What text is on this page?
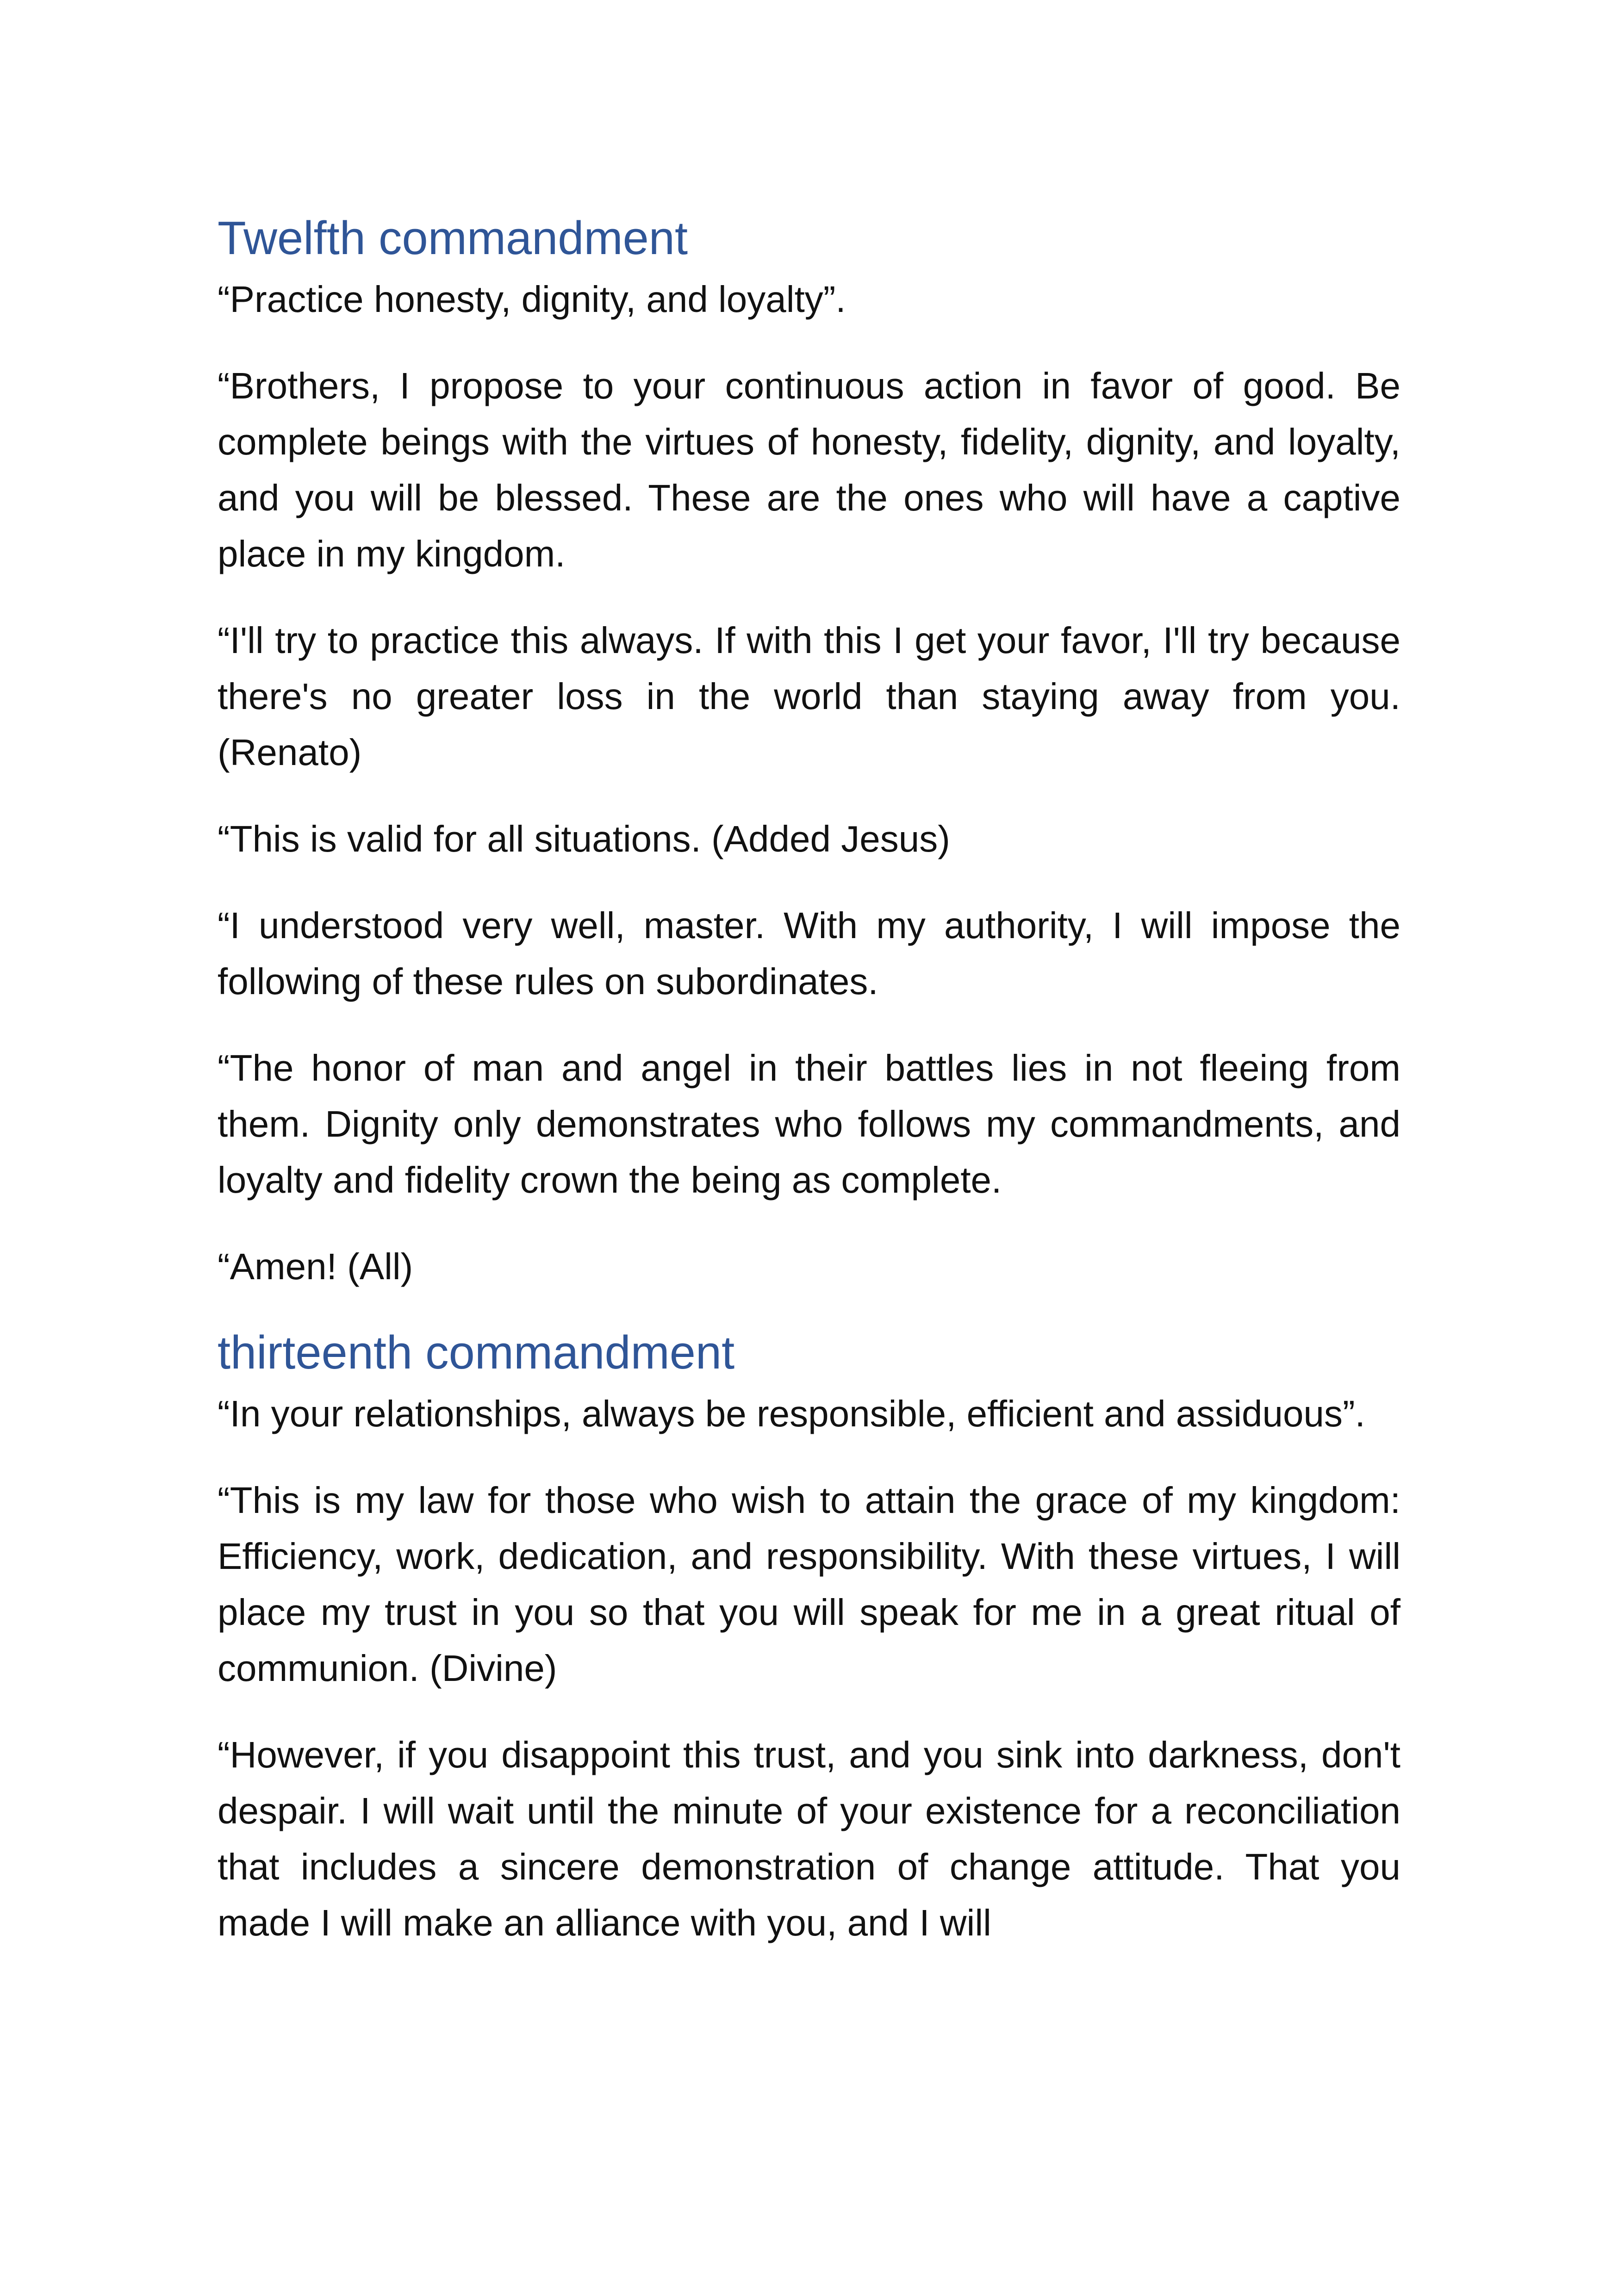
Twelfth commandment

“Practice honesty, dignity, and loyalty”.

“Brothers, I propose to your continuous action in favor of good. Be complete beings with the virtues of honesty, fidelity, dignity, and loyalty, and you will be blessed. These are the ones who will have a captive place in my kingdom.

“I'll try to practice this always. If with this I get your favor, I'll try because there's no greater loss in the world than staying away from you. (Renato)

“This is valid for all situations. (Added Jesus)

“I understood very well, master. With my authority, I will impose the following of these rules on subordinates.

“The honor of man and angel in their battles lies in not fleeing from them. Dignity only demonstrates who follows my commandments, and loyalty and fidelity crown the being as complete.

“Amen! (All)

thirteenth commandment

“In your relationships, always be responsible, efficient and assiduous”.

“This is my law for those who wish to attain the grace of my kingdom: Efficiency, work, dedication, and responsibility. With these virtues, I will place my trust in you so that you will speak for me in a great ritual of communion. (Divine)

“However, if you disappoint this trust, and you sink into darkness, don't despair. I will wait until the minute of your existence for a reconciliation that includes a sincere demonstration of change attitude. That you made I will make an alliance with you, and I will
